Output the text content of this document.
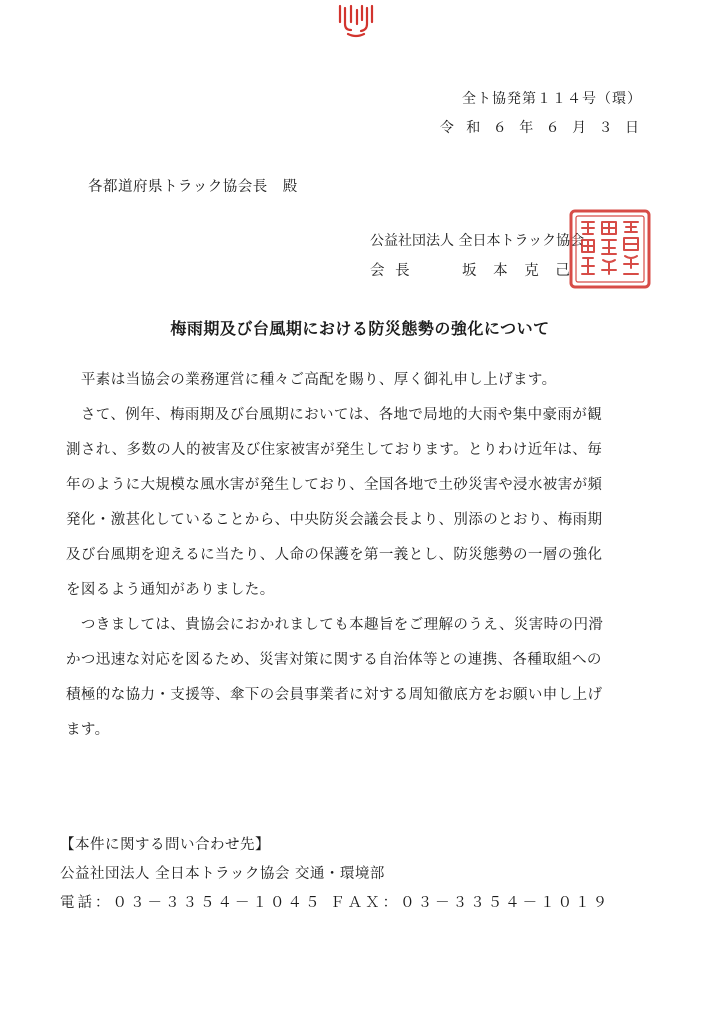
全ト協発第１１４号（環）
令 和 ６ 年 ６ 月 ３ 日
各都道府県トラック協会長　殿
公益社団法人 全日本トラック協会
会 長	坂 本 克 己
梅雨期及び台風期における防災態勢の強化について
　平素は当協会の業務運営に種々ご高配を賜り、厚く御礼申し上げます。
　さて、例年、梅雨期及び台風期においては、各地で局地的大雨や集中豪雨が観
測され、多数の人的被害及び住家被害が発生しております。とりわけ近年は、毎
年のように大規模な風水害が発生しており、全国各地で土砂災害や浸水被害が頻
発化・激甚化していることから、中央防災会議会長より、別添のとおり、梅雨期
及び台風期を迎えるに当たり、人命の保護を第一義とし、防災態勢の一層の強化
を図るよう通知がありました。
　つきましては、貴協会におかれましても本趣旨をご理解のうえ、災害時の円滑
かつ迅速な対応を図るため、災害対策に関する自治体等との連携、各種取組への
積極的な協力・支援等、傘下の会員事業者に対する周知徹底方をお願い申し上げ
ます。
【本件に関する問い合わせ先】
公益社団法人 全日本トラック協会 交通・環境部
電話：０３－３３５４－１０４５ ＦＡＸ：０３－３３５４－１０１９
